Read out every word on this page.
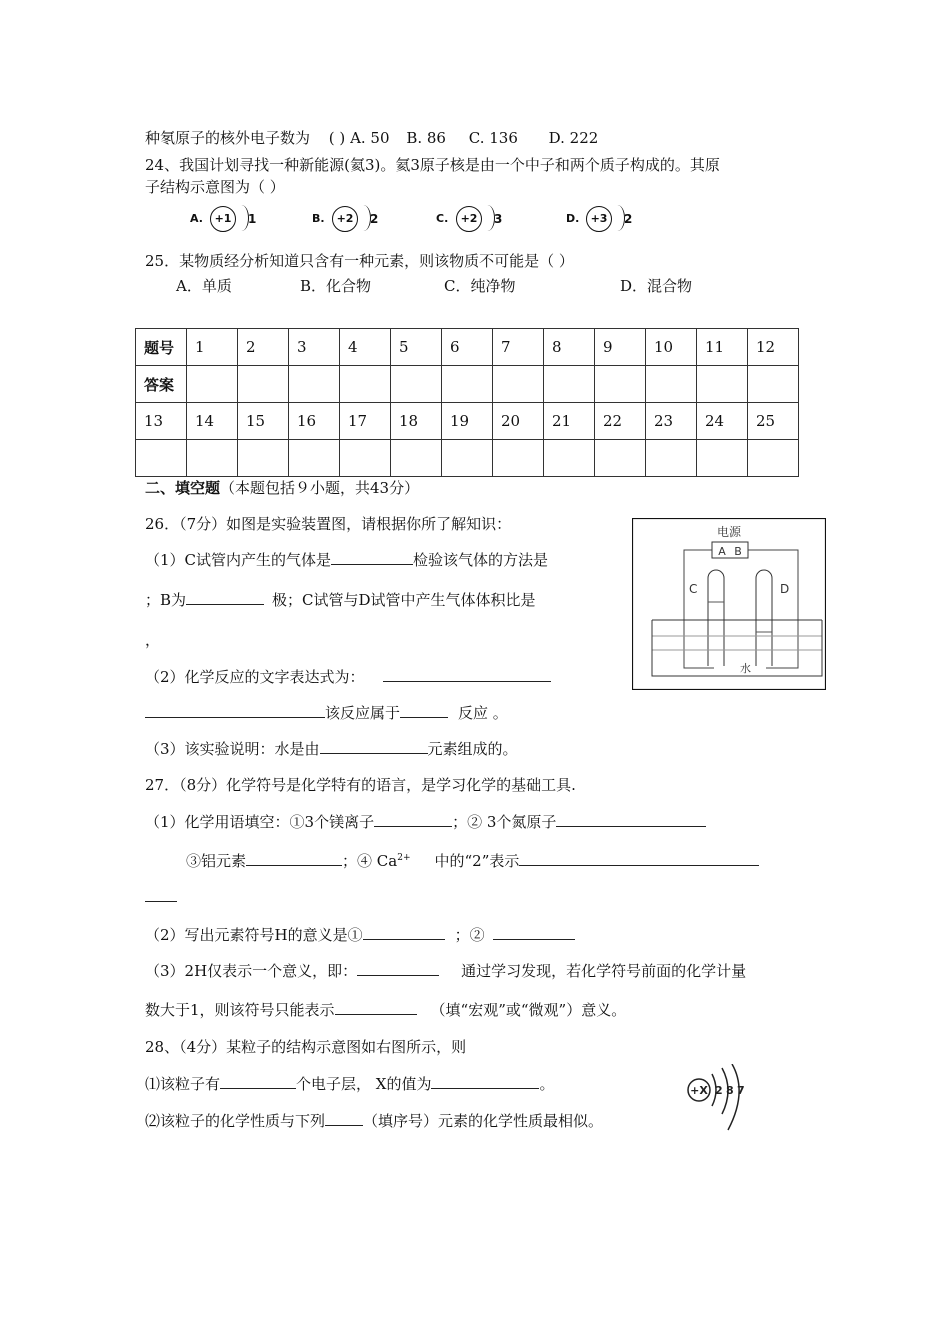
种氡原子的核外电子数为 ( ) A. 50 B. 86 C. 136 D. 222
24、我国计划寻找一种新能源(氦3)。氦3原子核是由一个中子和两个质子构成的。其原
子结构示意图为（ ）
A.	+1	1	B.	+2	2	C.	+2	3	D.	+3	2
25．某物质经分析知道只含有一种元素，则该物质不可能是（ ）
A．单质	B．化合物	C．纯净物	D．混合物
题号	1	2	3	4	5	6	7	8	9	10	11	12
答案												
13	14	15	16	17	18	19	20	21	22	23	24	25

二、填空题（本题包括９小题，共43分）
26．（7分）如图是实验装置图，请根据你所了解知识：
（1）C试管内产生的气体是	检验该气体的方法是
；B为	极；C试管与D试管中产生气体体积比是
，
（2）化学反应的文字表达式为：
该反应属于	反应 。
（3）该实验说明：水是由	元素组成的。
电源
A B
C	D
水
27．（8分）化学符号是化学特有的语言，是学习化学的基础工具.
（1）化学用语填空：①3个镁离子	；② 3个氮原子
③铝元素	；④ $Ca^{2+}$ 中的“2”表示
（2）写出元素符号H的意义是①	；②
（3）2H仅表示一个意义，即：	通过学习发现，若化学符号前面的化学计量
数大于1，则该符号只能表示	（填“宏观”或“微观”）意义。
28、（4分）某粒子的结构示意图如右图所示，则
⑴该粒子有	个电子层， X的值为	。
⑵该粒子的化学性质与下列	（填序号）元素的化学性质最相似。
+X 2 8 7
